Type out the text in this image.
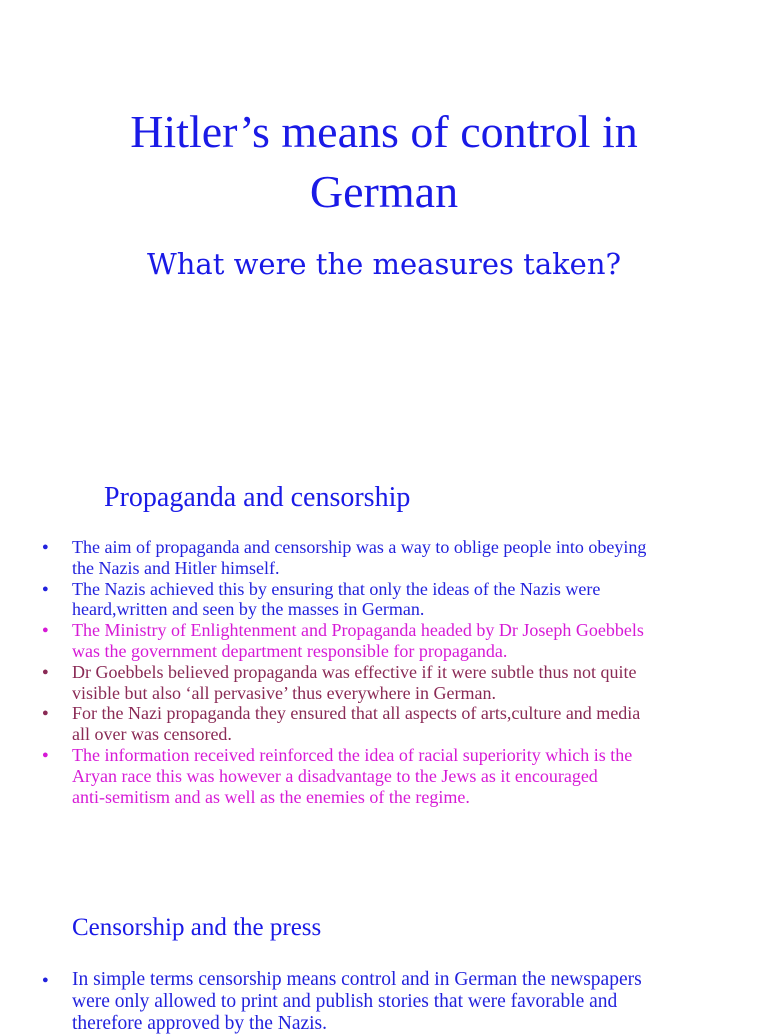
Hitler’s means of control in
German
What were the measures taken?
Propaganda and censorship
● The aim of propaganda and censorship was a way to oblige people into obeying
the Nazis and Hitler himself.
● The Nazis achieved this by ensuring that only the ideas of the Nazis were
heard,written and seen by the masses in German.
● The Ministry of Enlightenment and Propaganda headed by Dr Joseph Goebbels
was the government department responsible for propaganda.
● Dr Goebbels believed propaganda was effective if it were subtle thus not quite
visible but also ‘all pervasive’ thus everywhere in German.
● For the Nazi propaganda they ensured that all aspects of arts,culture and media
all over was censored.
● The information received reinforced the idea of racial superiority which is the
Aryan race this was however a disadvantage to the Jews as it encouraged
anti-semitism and as well as the enemies of the regime.
Censorship and the press
● In simple terms censorship means control and in German the newspapers
were only allowed to print and publish stories that were favorable and
therefore approved by the Nazis.
